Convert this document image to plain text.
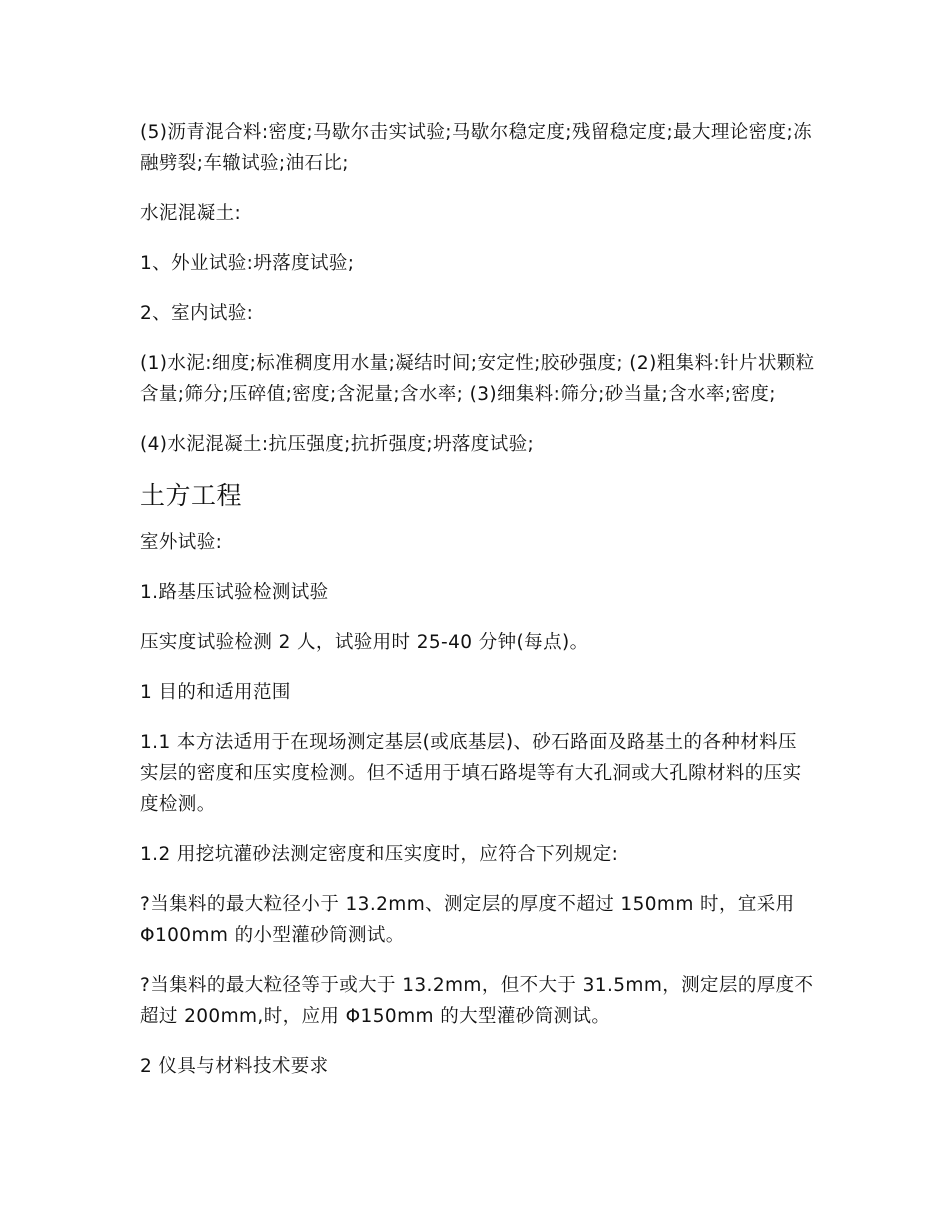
(5)沥青混合料:密度;马歇尔击实试验;马歇尔稳定度;残留稳定度;最大理论密度;冻融劈裂;车辙试验;油石比;

水泥混凝土:

1、外业试验:坍落度试验;

2、室内试验:

(1)水泥:细度;标准稠度用水量;凝结时间;安定性;胶砂强度; (2)粗集料:针片状颗粒含量;筛分;压碎值;密度;含泥量;含水率; (3)细集料:筛分;砂当量;含水率;密度;

(4)水泥混凝土:抗压强度;抗折强度;坍落度试验;

土方工程

室外试验:

1.路基压试验检测试验

压实度试验检测 2 人，试验用时 25-40 分钟(每点)。

1 目的和适用范围

1.1 本方法适用于在现场测定基层(或底基层)、砂石路面及路基土的各种材料压实层的密度和压实度检测。但不适用于填石路堤等有大孔洞或大孔隙材料的压实度检测。

1.2 用挖坑灌砂法测定密度和压实度时，应符合下列规定:

?当集料的最大粒径小于 13.2mm、测定层的厚度不超过 150mm 时，宜采用 Φ100mm 的小型灌砂筒测试。

?当集料的最大粒径等于或大于 13.2mm，但不大于 31.5mm，测定层的厚度不超过 200mm,时，应用 Φ150mm 的大型灌砂筒测试。

2 仪具与材料技术要求
